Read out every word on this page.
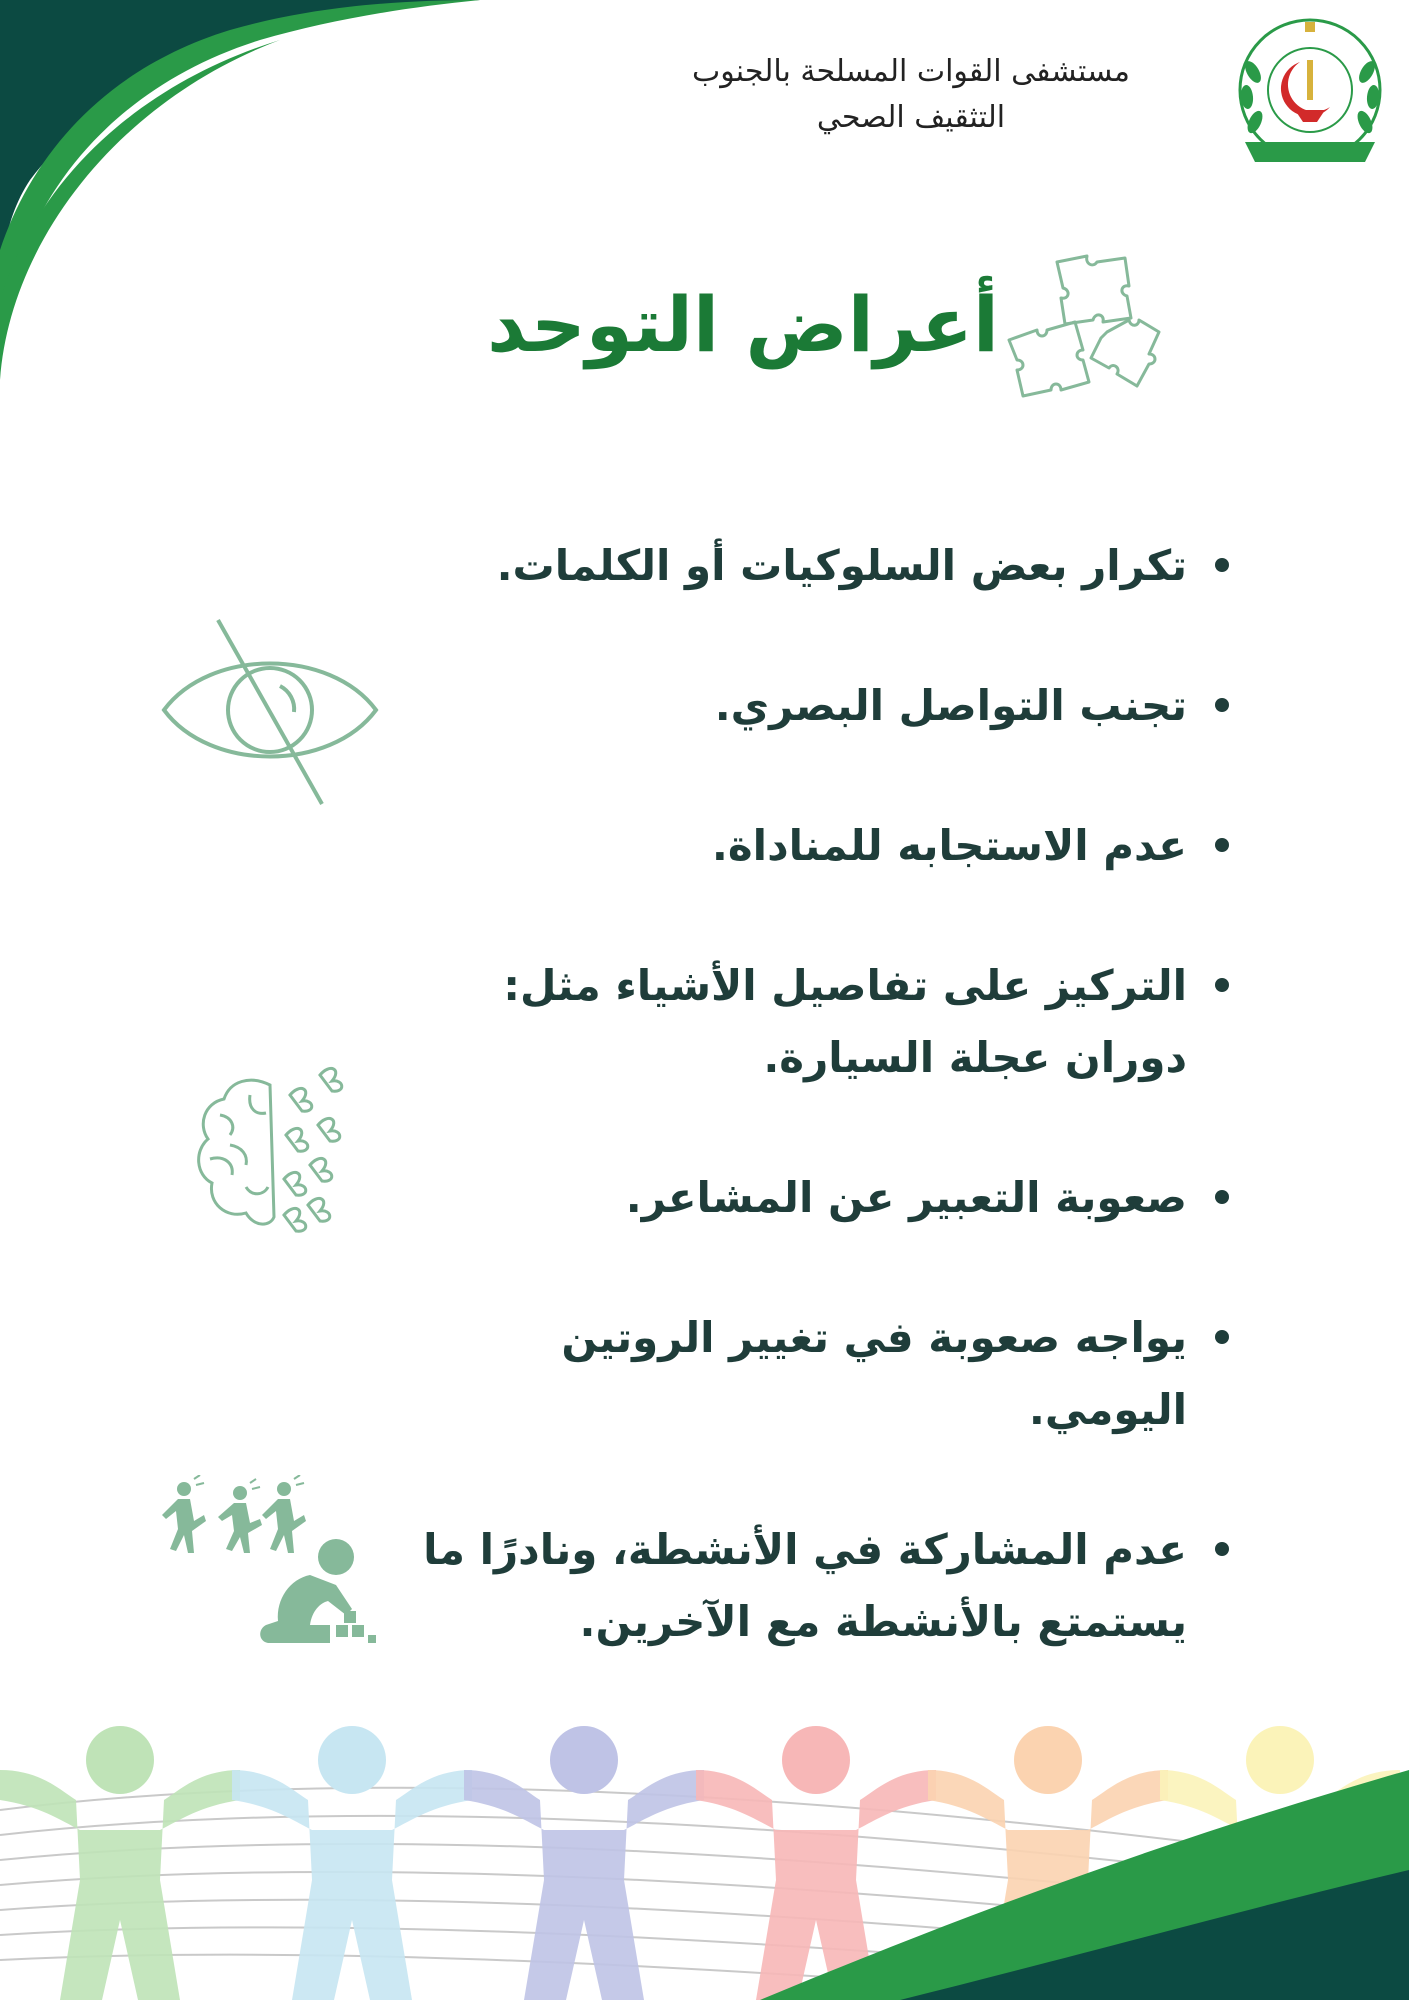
مستشفى القوات المسلحة بالجنوب
التثقيف الصحي
أعراض التوحد
تكرار بعض السلوكيات أو الكلمات.
تجنب التواصل البصري.
عدم الاستجابه للمناداة.
التركيز على تفاصيل الأشياء مثل: دوران عجلة السيارة.
صعوبة التعبير عن المشاعر.
يواجه صعوبة في تغيير الروتين اليومي.
عدم المشاركة في الأنشطة، ونادرًا ما يستمتع بالأنشطة مع الآخرين.
